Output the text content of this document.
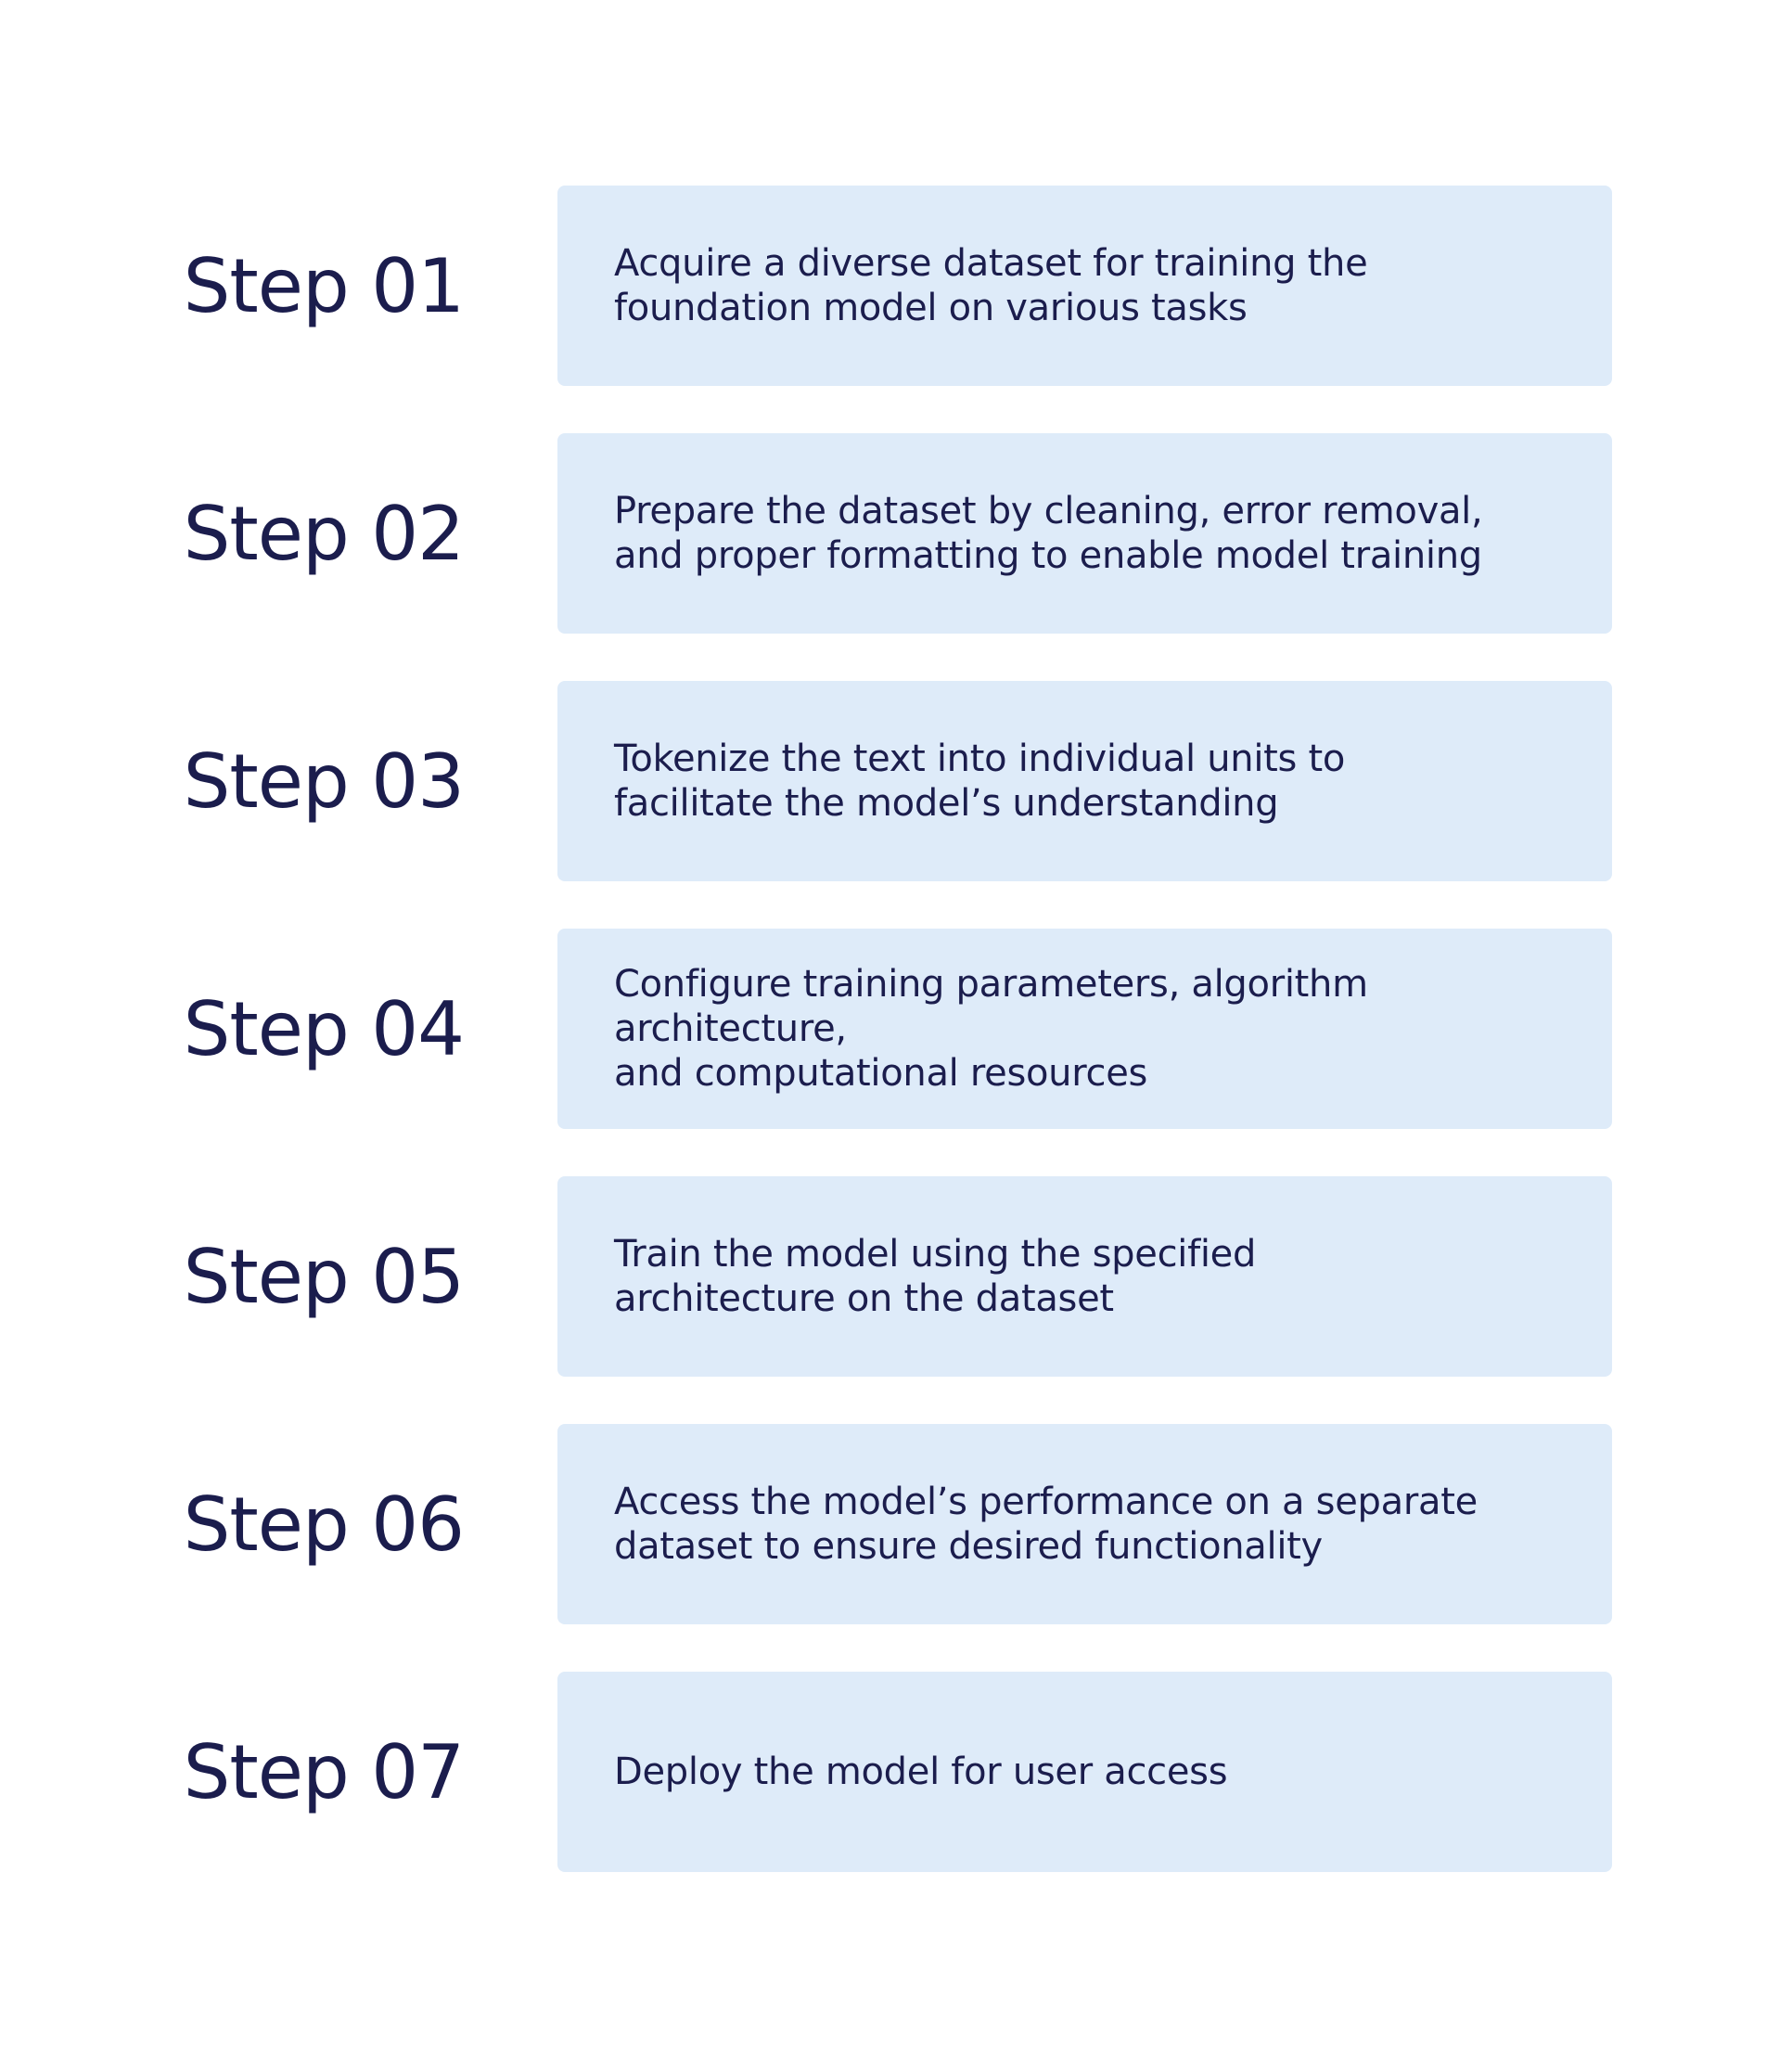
Step 01	Acquire a diverse dataset for training the
foundation model on various tasks
Step 02	Prepare the dataset by cleaning, error removal,
and proper formatting to enable model training
Step 03	Tokenize the text into individual units to
facilitate the model’s understanding
Step 04
Configure training parameters, algorithm architecture,
and computational resources
Step 05	Train the model using the specified
architecture on the dataset
Step 06	Access the model’s performance on a separate
dataset to ensure desired functionality
Step 07	Deploy the model for user access
